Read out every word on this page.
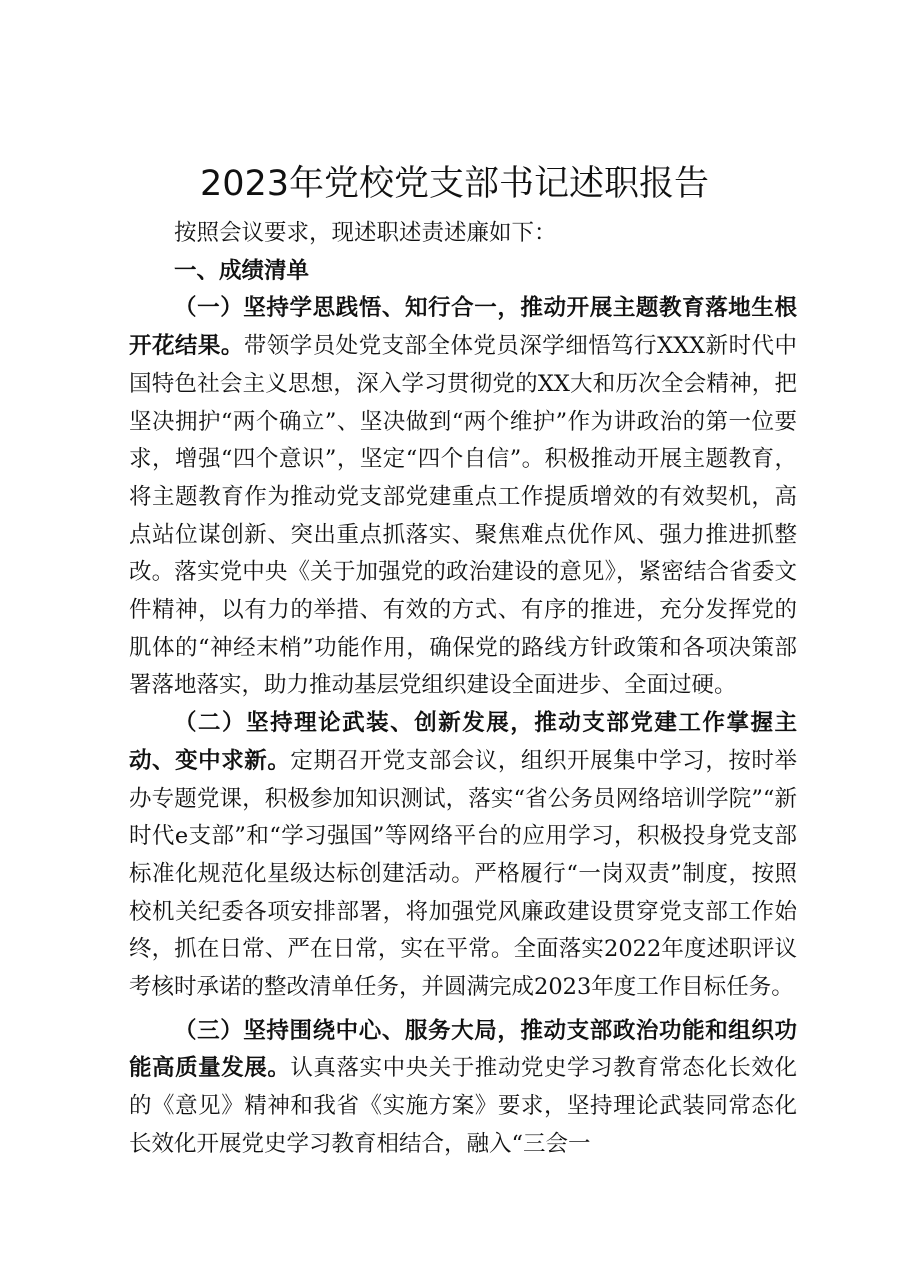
2023年党校党支部书记述职报告

按照会议要求，现述职述责述廉如下：

一、成绩清单

（一）坚持学思践悟、知行合一，推动开展主题教育落地生根开花结果。带领学员处党支部全体党员深学细悟笃行XXX新时代中国特色社会主义思想，深入学习贯彻党的XX大和历次全会精神，把坚决拥护“两个确立”、坚决做到“两个维护”作为讲政治的第一位要求，增强“四个意识”，坚定“四个自信”。积极推动开展主题教育，将主题教育作为推动党支部党建重点工作提质增效的有效契机，高点站位谋创新、突出重点抓落实、聚焦难点优作风、强力推进抓整改。落实党中央《关于加强党的政治建设的意见》，紧密结合省委文件精神，以有力的举措、有效的方式、有序的推进，充分发挥党的肌体的“神经末梢”功能作用，确保党的路线方针政策和各项决策部署落地落实，助力推动基层党组织建设全面进步、全面过硬。

（二）坚持理论武装、创新发展，推动支部党建工作掌握主动、变中求新。定期召开党支部会议，组织开展集中学习，按时举办专题党课，积极参加知识测试，落实“省公务员网络培训学院”“新时代e支部”和“学习强国”等网络平台的应用学习，积极投身党支部标准化规范化星级达标创建活动。严格履行“一岗双责”制度，按照校机关纪委各项安排部署，将加强党风廉政建设贯穿党支部工作始终，抓在日常、严在日常，实在平常。全面落实2022年度述职评议考核时承诺的整改清单任务，并圆满完成2023年度工作目标任务。

（三）坚持围绕中心、服务大局，推动支部政治功能和组织功能高质量发展。认真落实中央关于推动党史学习教育常态化长效化的《意见》精神和我省《实施方案》要求，坚持理论武装同常态化长效化开展党史学习教育相结合，融入“三会一
